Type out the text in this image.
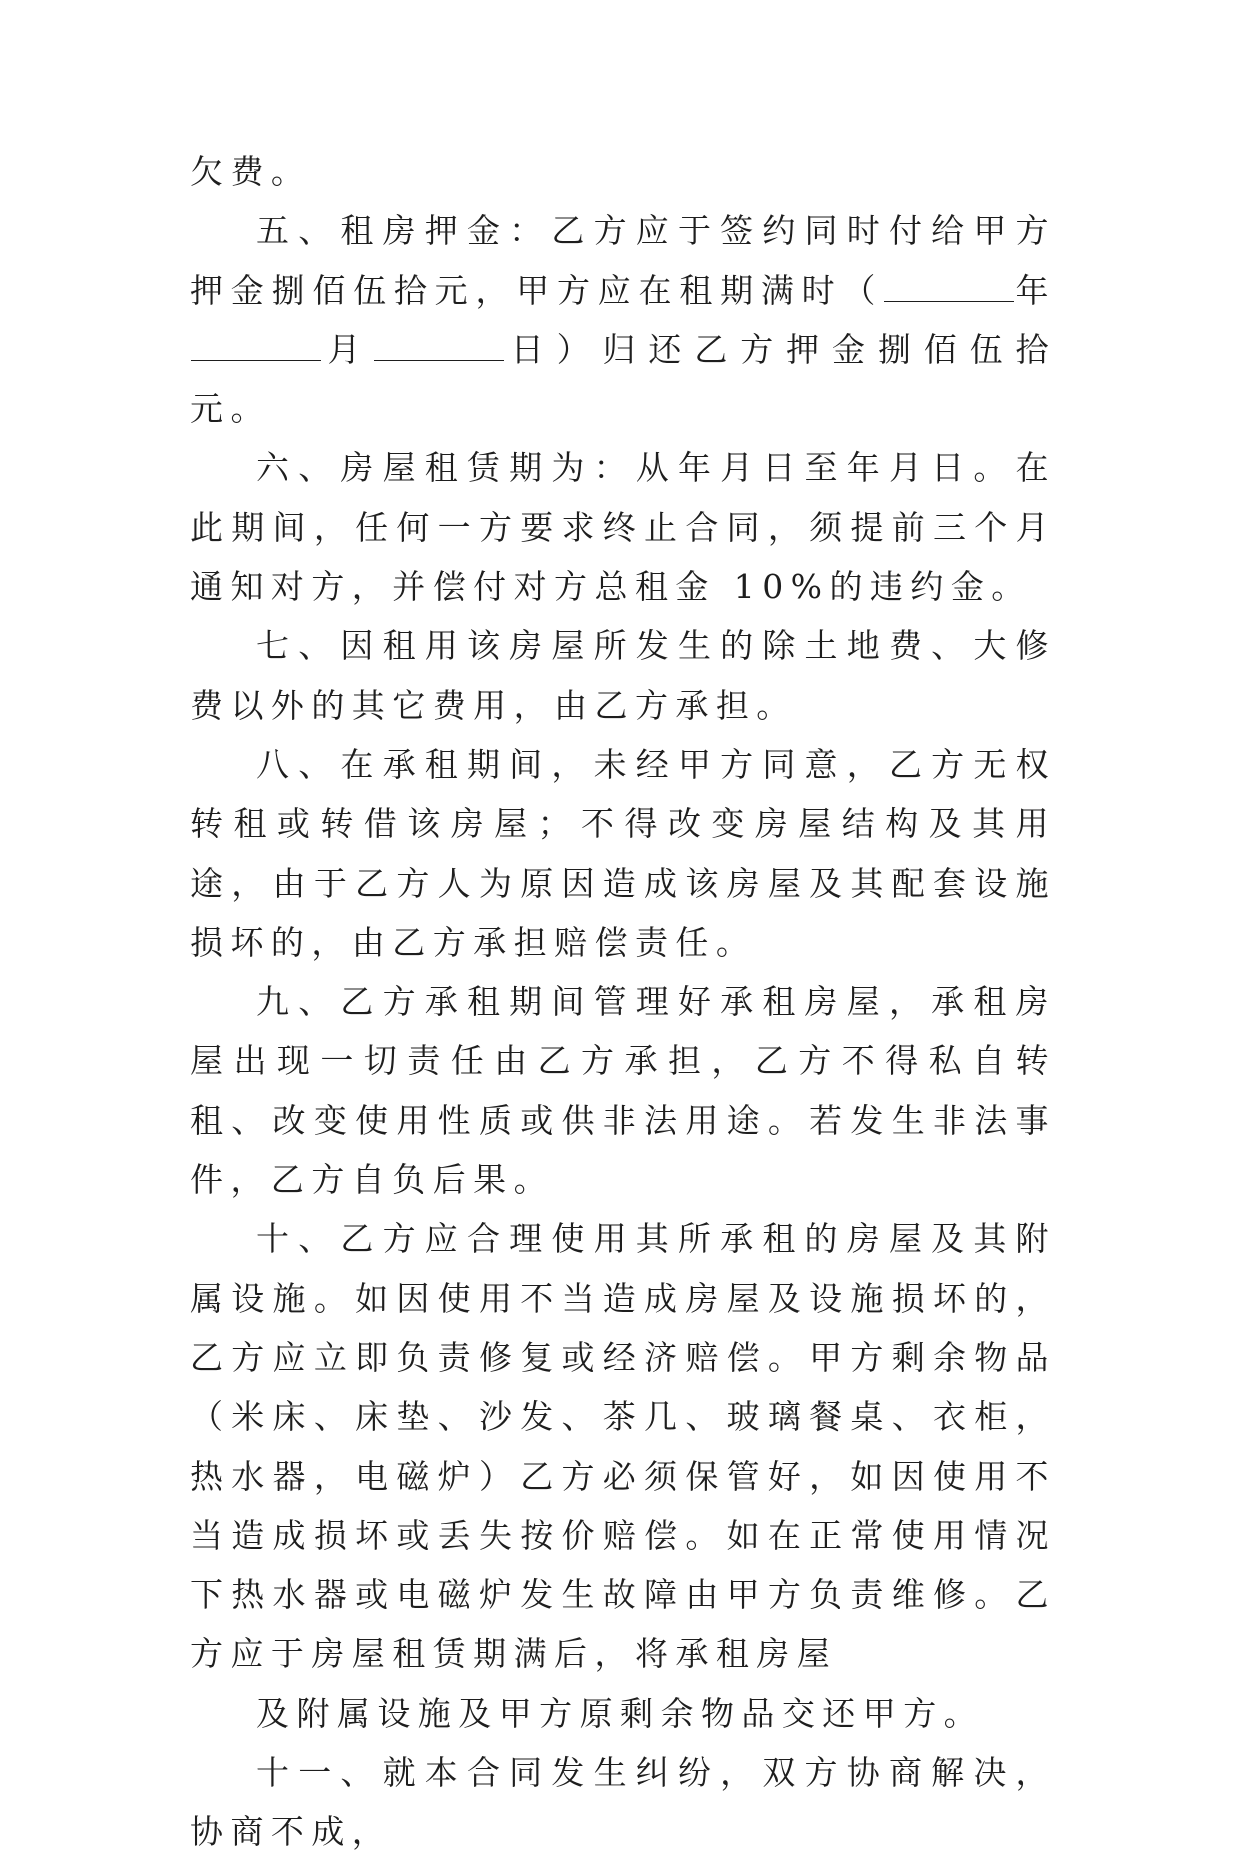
欠费。

五、租房押金：乙方应于签约同时付给甲方押金捌佰伍拾元，甲方应在租期满时（	年月	日）归还乙方押金捌佰伍拾元。

六、房屋租赁期为：从年月日至年月日。在此期间，任何一方要求终止合同，须提前三个月通知对方，并偿付对方总租金 10%的违约金。

七、因租用该房屋所发生的除土地费、大修费以外的其它费用，由乙方承担。

八、在承租期间，未经甲方同意，乙方无权转租或转借该房屋；不得改变房屋结构及其用途，由于乙方人为原因造成该房屋及其配套设施损坏的，由乙方承担赔偿责任。

九、乙方承租期间管理好承租房屋，承租房屋出现一切责任由乙方承担，乙方不得私自转租、改变使用性质或供非法用途。若发生非法事件，乙方自负后果。

十、乙方应合理使用其所承租的房屋及其附属设施。如因使用不当造成房屋及设施损坏的，乙方应立即负责修复或经济赔偿。甲方剩余物品（米床、床垫、沙发、茶几、玻璃餐桌、衣柜，热水器，电磁炉）乙方必须保管好，如因使用不当造成损坏或丢失按价赔偿。如在正常使用情况下热水器或电磁炉发生故障由甲方负责维修。乙方应于房屋租赁期满后，将承租房屋

及附属设施及甲方原剩余物品交还甲方。

十一、就本合同发生纠纷，双方协商解决，协商不成，
